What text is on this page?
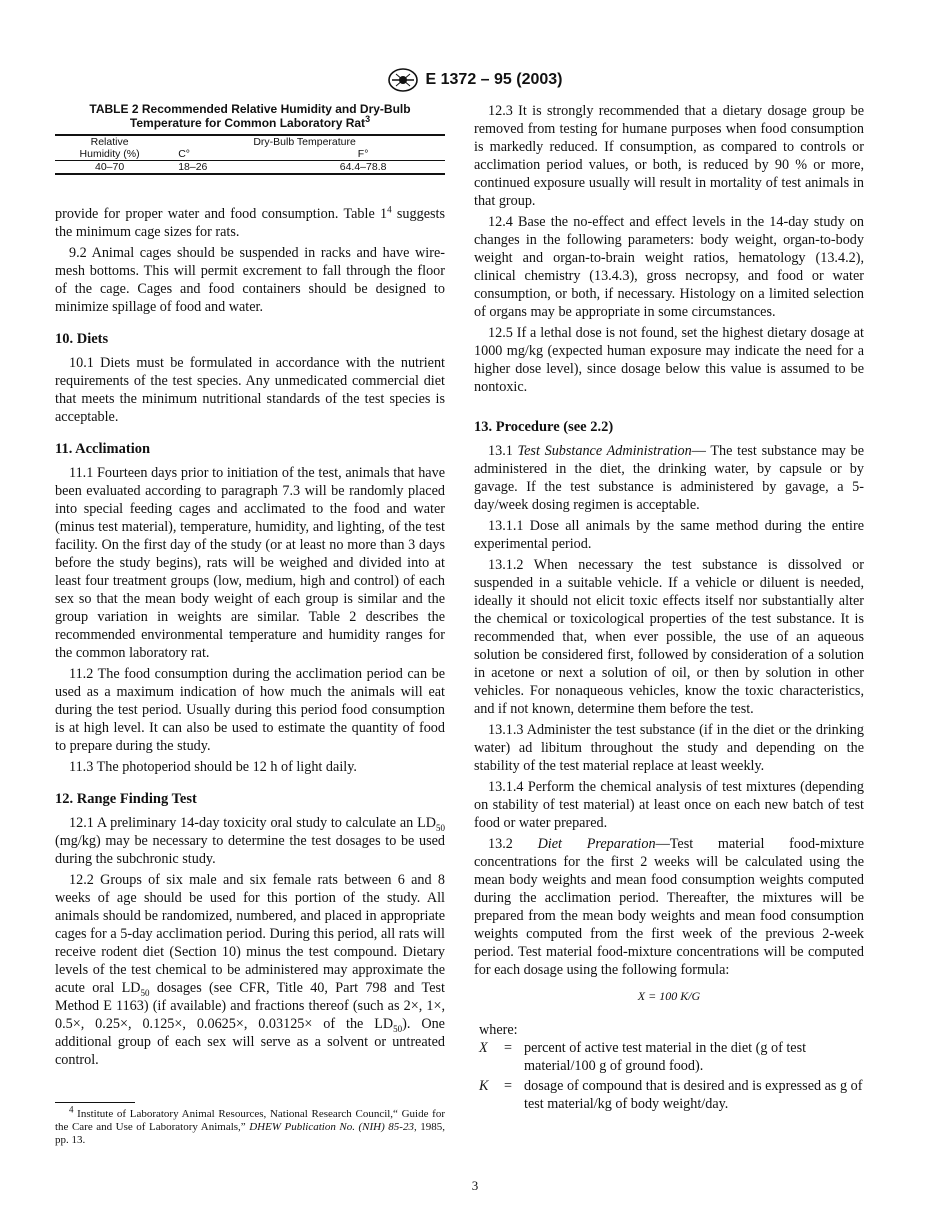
E 1372 – 95 (2003)
TABLE 2 Recommended Relative Humidity and Dry-Bulb
Temperature for Common Laboratory Rat$^3$
Relative	Dry-Bulb Temperature	
Humidity (%)	C°	F°
40–70	18–26	64.4–78.8

provide for proper water and food consumption. Table $1^4$ suggests the minimum cage sizes for rats.

9.2 Animal cages should be suspended in racks and have wire-mesh bottoms. This will permit excrement to fall through the floor of the cage. Cages and food containers should be designed to minimize spillage of food and water.

10. Diets

10.1 Diets must be formulated in accordance with the nutrient requirements of the test species. Any unmedicated commercial diet that meets the minimum nutritional standards of the test species is acceptable.

11. Acclimation

11.1 Fourteen days prior to initiation of the test, animals that have been evaluated according to paragraph 7.3 will be randomly placed into special feeding cages and acclimated to the food and water (minus test material), temperature, humidity, and lighting, of the test facility. On the first day of the study (or at least no more than 3 days before the study begins), rats will be weighed and divided into at least four treatment groups (low, medium, high and control) of each sex so that the mean body weight of each group is similar and the group variation in weights are similar. Table 2 describes the recommended environmental temperature and humidity ranges for the common laboratory rat.

11.2 The food consumption during the acclimation period can be used as a maximum indication of how much the animals will eat during the test period. Usually during this period food consumption is at high level. It can also be used to estimate the quantity of food to prepare during the study.

11.3 The photoperiod should be 12 h of light daily.

12. Range Finding Test

12.1 A preliminary 14-day toxicity oral study to calculate an $LD_{50}$ (mg/kg) may be necessary to determine the test dosages to be used during the subchronic study.

12.2 Groups of six male and six female rats between 6 and 8 weeks of age should be used for this portion of the study. All animals should be randomized, numbered, and placed in appropriate cages for a 5-day acclimation period. During this period, all rats will receive rodent diet (Section 10) minus the test compound. Dietary levels of the test chemical to be administered may approximate the acute oral $LD_{50}$ dosages (see CFR, Title 40, Part 798 and Test Method E 1163) (if available) and fractions thereof (such as 2×, 1×, 0.5×, 0.25×, 0.125×, 0.0625×, 0.03125× of the $LD_{50}$). One additional group of each sex will serve as a solvent or untreated control.

$^4$ Institute of Laboratory Animal Resources, National Research Council,“ Guide for the Care and Use of Laboratory Animals,” DHEW Publication No. (NIH) 85-23, 1985, pp. 13.

12.3 It is strongly recommended that a dietary dosage group be removed from testing for humane purposes when food consumption is markedly reduced. If consumption, as compared to controls or acclimation period values, or both, is reduced by 90 % or more, continued exposure usually will result in mortality of test animals in that group.

12.4 Base the no-effect and effect levels in the 14-day study on changes in the following parameters: body weight, organ-to-body weight and organ-to-brain weight ratios, hematology (13.4.2), clinical chemistry (13.4.3), gross necropsy, and food or water consumption, or both, if necessary. Histology on a limited selection of organs may be appropriate in some circumstances.

12.5 If a lethal dose is not found, set the highest dietary dosage at 1000 mg/kg (expected human exposure may indicate the need for a higher dose level), since dosage below this value is assumed to be nontoxic.

13. Procedure (see 2.2)

13.1 Test Substance Administration— The test substance may be administered in the diet, the drinking water, by capsule or by gavage. If the test substance is administered by gavage, a 5-day/week dosing regimen is acceptable.

13.1.1 Dose all animals by the same method during the entire experimental period.

13.1.2 When necessary the test substance is dissolved or suspended in a suitable vehicle. If a vehicle or diluent is needed, ideally it should not elicit toxic effects itself nor substantially alter the chemical or toxicological properties of the test substance. It is recommended that, when ever possible, the use of an aqueous solution be considered first, followed by consideration of a solution in acetone or next a solution of oil, or then by solution in other vehicles. For nonaqueous vehicles, know the toxic characteristics, and if not known, determine them before the test.

13.1.3 Administer the test substance (if in the diet or the drinking water) ad libitum throughout the study and depending on the stability of the test material replace at least weekly.

13.1.4 Perform the chemical analysis of test mixtures (depending on stability of test material) at least once on each new batch of test food or water prepared.

13.2 Diet Preparation—Test material food-mixture concentrations for the first 2 weeks will be calculated using the mean body weights and mean food consumption weights computed during the acclimation period. Thereafter, the mixtures will be prepared from the mean body weights and mean food consumption weights computed from the first week of the previous 2-week period. Test material food-mixture concentrations will be computed for each dosage using the following formula:

X = 100 K/G

where:

X	= percent of active test material in the diet (g of test material/100 g of ground food).
K	= dosage of compound that is desired and is expressed as g of test material/kg of body weight/day.
3
